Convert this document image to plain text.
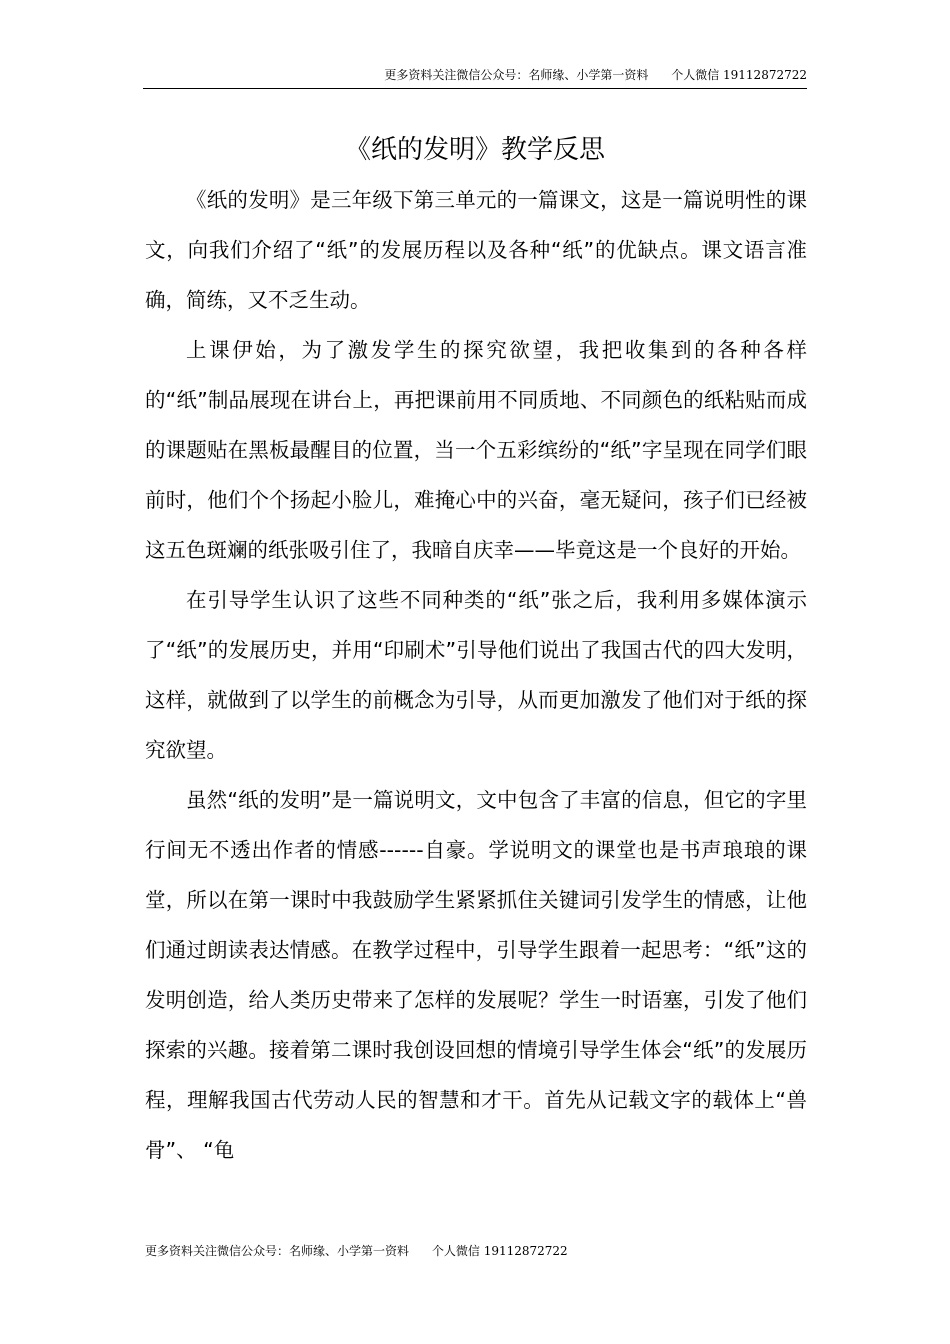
更多资料关注微信公众号：名师缘、小学第一资料      个人微信 19112872722
《纸的发明》教学反思

《纸的发明》是三年级下第三单元的一篇课文，这是一篇说明性的课文，向我们介绍了“纸”的发展历程以及各种“纸”的优缺点。课文语言准确，简练，又不乏生动。

上课伊始，为了激发学生的探究欲望，我把收集到的各种各样的“纸”制品展现在讲台上，再把课前用不同质地、不同颜色的纸粘贴而成的课题贴在黑板最醒目的位置，当一个五彩缤纷的“纸”字呈现在同学们眼前时，他们个个扬起小脸儿，难掩心中的兴奋，毫无疑问，孩子们已经被这五色斑斓的纸张吸引住了，我暗自庆幸——毕竟这是一个良好的开始。

在引导学生认识了这些不同种类的“纸”张之后，我利用多媒体演示了“纸”的发展历史，并用“印刷术”引导他们说出了我国古代的四大发明，这样，就做到了以学生的前概念为引导，从而更加激发了他们对于纸的探究欲望。

虽然“纸的发明”是一篇说明文，文中包含了丰富的信息，但它的字里行间无不透出作者的情感------自豪。学说明文的课堂也是书声琅琅的课堂，所以在第一课时中我鼓励学生紧紧抓住关键词引发学生的情感，让他们通过朗读表达情感。在教学过程中，引导学生跟着一起思考：“纸”这的发明创造，给人类历史带来了怎样的发展呢？学生一时语塞，引发了他们探索的兴趣。接着第二课时我创设回想的情境引导学生体会“纸”的发展历程，理解我国古代劳动人民的智慧和才干。首先从记载文字的载体上“兽骨”、 “龟

更多资料关注微信公众号：名师缘、小学第一资料      个人微信 19112872722
